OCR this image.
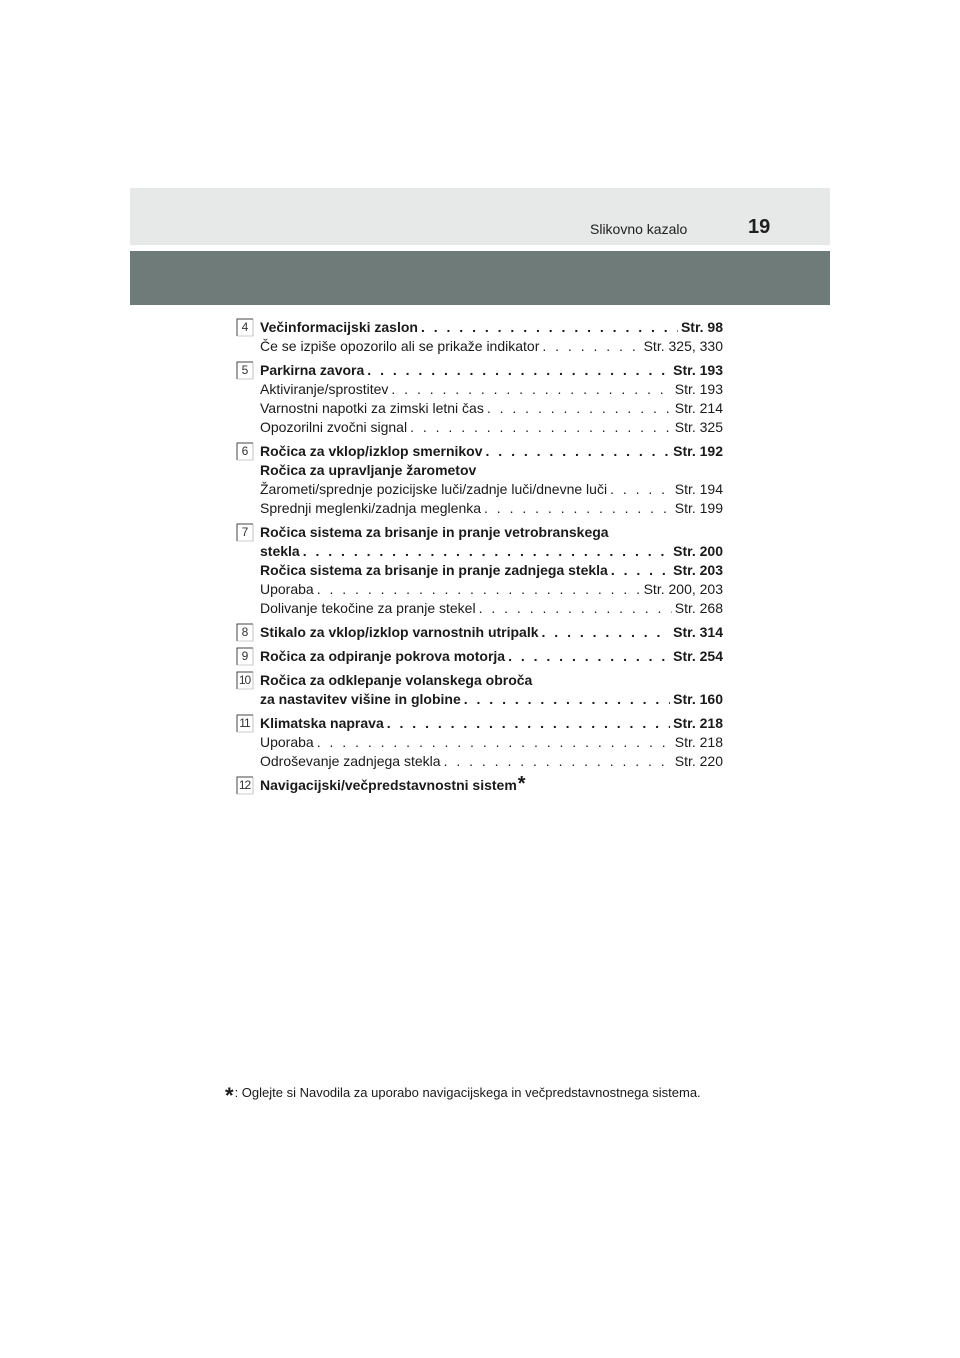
Slikovno kazalo	19
4 Večinformacijski zaslon . . .	Str. 98
Če se izpiše opozorilo ali se prikaže indikator . . .	Str. 325, 330
5 Parkirna zavora . . .	Str. 193
Aktiviranje/sprostitev . . .	Str. 193
Varnostni napotki za zimski letni čas . . .	Str. 214
Opozorilni zvočni signal . . .	Str. 325
6 Ročica za vklop/izklop smernikov . . .	Str. 192
Ročica za upravljanje žarometov
Žarometi/sprednje pozicijske luči/zadnje luči/dnevne luči . . .	Str. 194
Sprednji meglenki/zadnja meglenka . . .	Str. 199
7 Ročica sistema za brisanje in pranje vetrobranskega
stekla . . .	Str. 200
Ročica sistema za brisanje in pranje zadnjega stekla . . .	Str. 203
Uporaba . . .	Str. 200, 203
Dolivanje tekočine za pranje stekel . . .	Str. 268
8 Stikalo za vklop/izklop varnostnih utripalk . . .	Str. 314
9 Ročica za odpiranje pokrova motorja . . .	Str. 254
10 Ročica za odklepanje volanskega obroča
za nastavitev višine in globine . . .	Str. 160
11 Klimatska naprava . . .	Str. 218
Uporaba . . .	Str. 218
Odroševanje zadnjega stekla . . .	Str. 220
12 Navigacijski/večpredstavnostni sistem *
*: Oglejte si Navodila za uporabo navigacijskega in večpredstavnostnega sistema.
